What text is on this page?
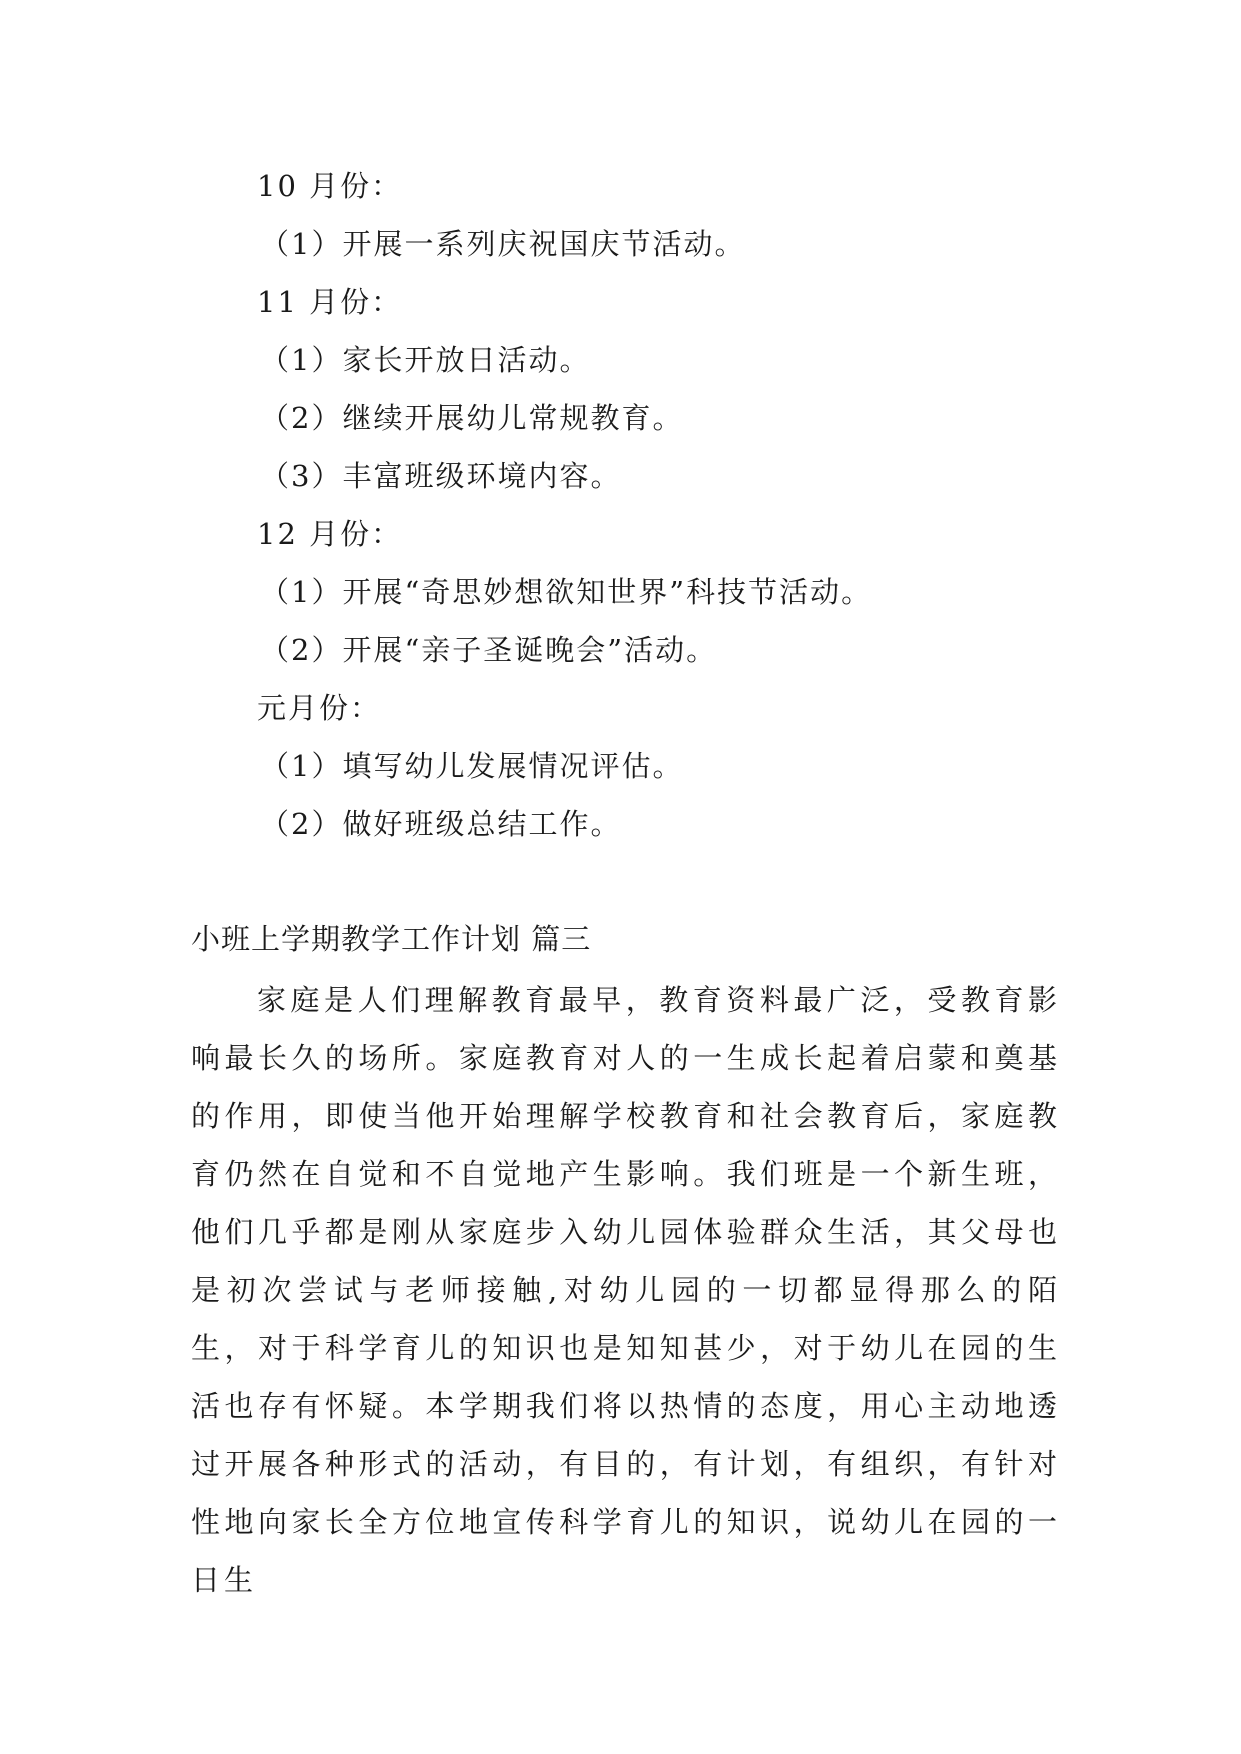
10 月份：
（1）开展一系列庆祝国庆节活动。
11 月份：
（1）家长开放日活动。
（2）继续开展幼儿常规教育。
（3）丰富班级环境内容。
12 月份：
（1）开展“奇思妙想欲知世界”科技节活动。
（2）开展“亲子圣诞晚会”活动。
元月份：
（1）填写幼儿发展情况评估。
（2）做好班级总结工作。
小班上学期教学工作计划 篇三

家庭是人们理解教育最早，教育资料最广泛，受教育影响最长久的场所。家庭教育对人的一生成长起着启蒙和奠基的作用，即使当他开始理解学校教育和社会教育后，家庭教育仍然在自觉和不自觉地产生影响。我们班是一个新生班，他们几乎都是刚从家庭步入幼儿园体验群众生活，其父母也是初次尝试与老师接触,对幼儿园的一切都显得那么的陌生，对于科学育儿的知识也是知知甚少，对于幼儿在园的生活也存有怀疑。本学期我们将以热情的态度，用心主动地透过开展各种形式的活动，有目的，有计划，有组织，有针对性地向家长全方位地宣传科学育儿的知识，说幼儿在园的一日生
